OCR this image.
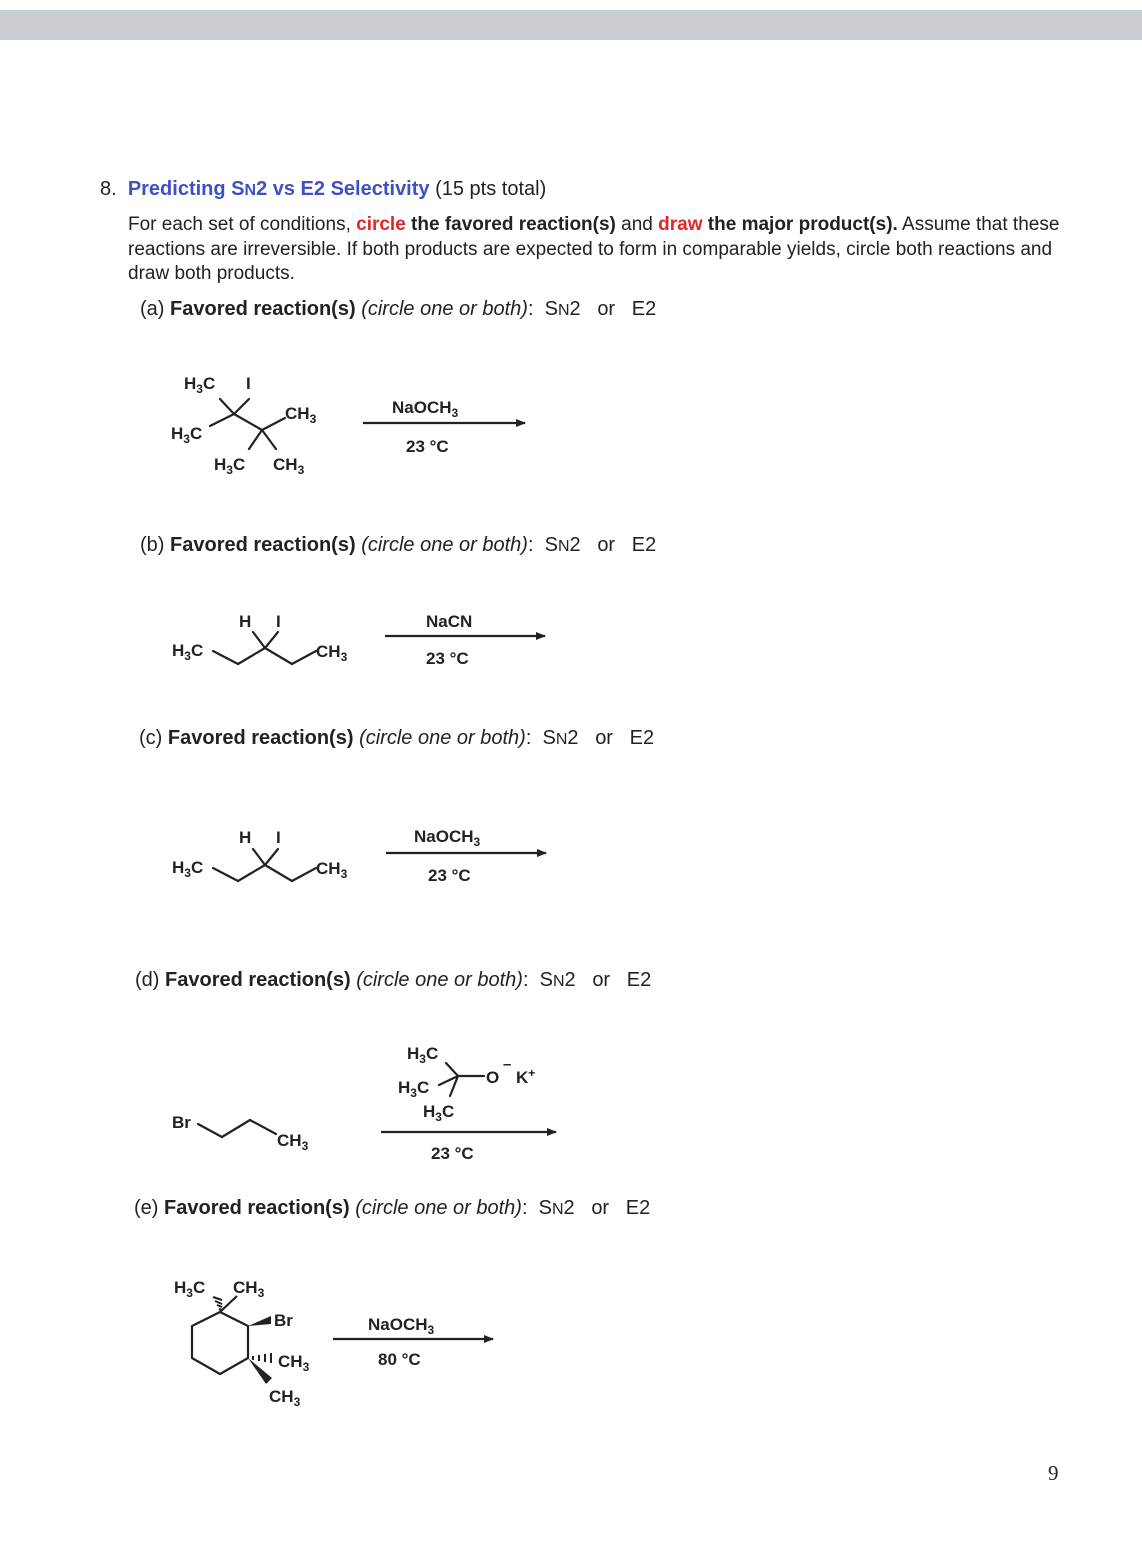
8. Predicting SN2 vs E2 Selectivity (15 pts total)
For each set of conditions, circle the favored reaction(s) and draw the major product(s). Assume that these reactions are irreversible. If both products are expected to form in comparable yields, circle both reactions and draw both products.
(a) Favored reaction(s) (circle one or both):  SN2 or E2
(b) Favored reaction(s) (circle one or both):  SN2 or E2
(c) Favored reaction(s) (circle one or both):  SN2 or E2
(d) Favored reaction(s) (circle one or both):  SN2 or E2
(e) Favored reaction(s) (circle one or both):  SN2 or E2
$H_3C$ I
$CH_3$
$H_3C$
$H_3C$ $CH_3$
NaOCH$_3$
23 °C
H I
$H_3C$	$CH_3$
NaCN
23 °C
H I
$H_3C$	$CH_3$
NaOCH$_3$
23 °C
Br
$CH_3$
$H_3C$
$H_3C$
$H_3C$
O
–
K+
23 °C
$H_3C$ $CH_3$
Br
$CH_3$
$CH_3$
NaOCH$_3$
80 °C
9
